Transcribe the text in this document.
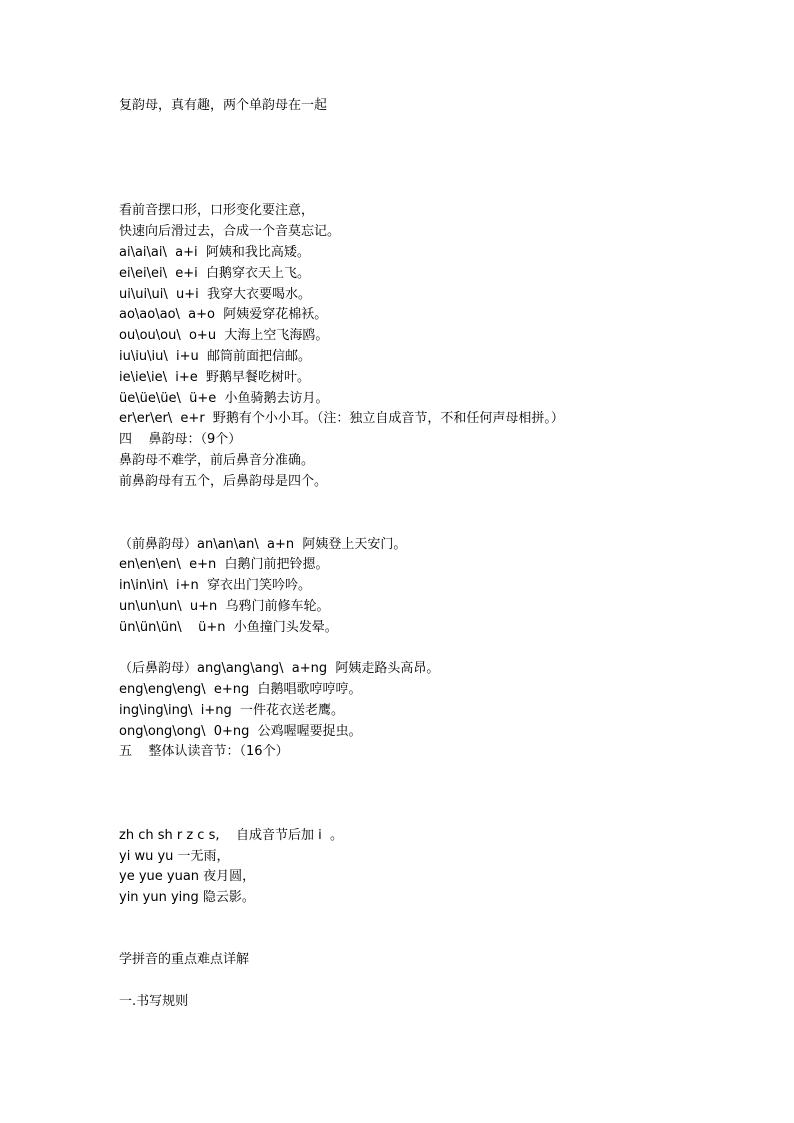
复韵母，真有趣，两个单韵母在一起
看前音摆口形，口形变化要注意，
快速向后滑过去，合成一个音莫忘记。
ai\ai\ai\  a+i  阿姨和我比高矮。
ei\ei\ei\  e+i  白鹅穿衣天上飞。
ui\ui\ui\  u+i  我穿大衣要喝水。
ao\ao\ao\  a+o  阿姨爱穿花棉袄。
ou\ou\ou\  o+u  大海上空飞海鸥。
iu\iu\iu\  i+u  邮筒前面把信邮。
ie\ie\ie\  i+e  野鹅早餐吃树叶。
üe\üe\üe\  ü+e  小鱼骑鹅去访月。
er\er\er\  e+r  野鹅有个小小耳。（注：独立自成音节，不和任何声母相拼。）
四    鼻韵母：（9个）
鼻韵母不难学，前后鼻音分准确。
前鼻韵母有五个，后鼻韵母是四个。
（前鼻韵母）an\an\an\  a+n  阿姨登上天安门。
en\en\en\  e+n  白鹅门前把铃摁。
in\in\in\  i+n  穿衣出门笑吟吟。
un\un\un\  u+n  乌鸦门前修车轮。
ün\ün\ün\    ü+n  小鱼撞门头发晕。
（后鼻韵母）ang\ang\ang\  a+ng  阿姨走路头高昂。
eng\eng\eng\  e+ng  白鹅唱歌哼哼哼。
ing\ing\ing\  i+ng  一件花衣送老鹰。
ong\ong\ong\  0+ng  公鸡喔喔要捉虫。
五    整体认读音节：（16个）
zh ch sh r z c s,    自成音节后加 i  。
yi wu yu 一无雨，
ye yue yuan 夜月圆，
yin yun ying 隐云影。
学拼音的重点难点详解
一.书写规则
